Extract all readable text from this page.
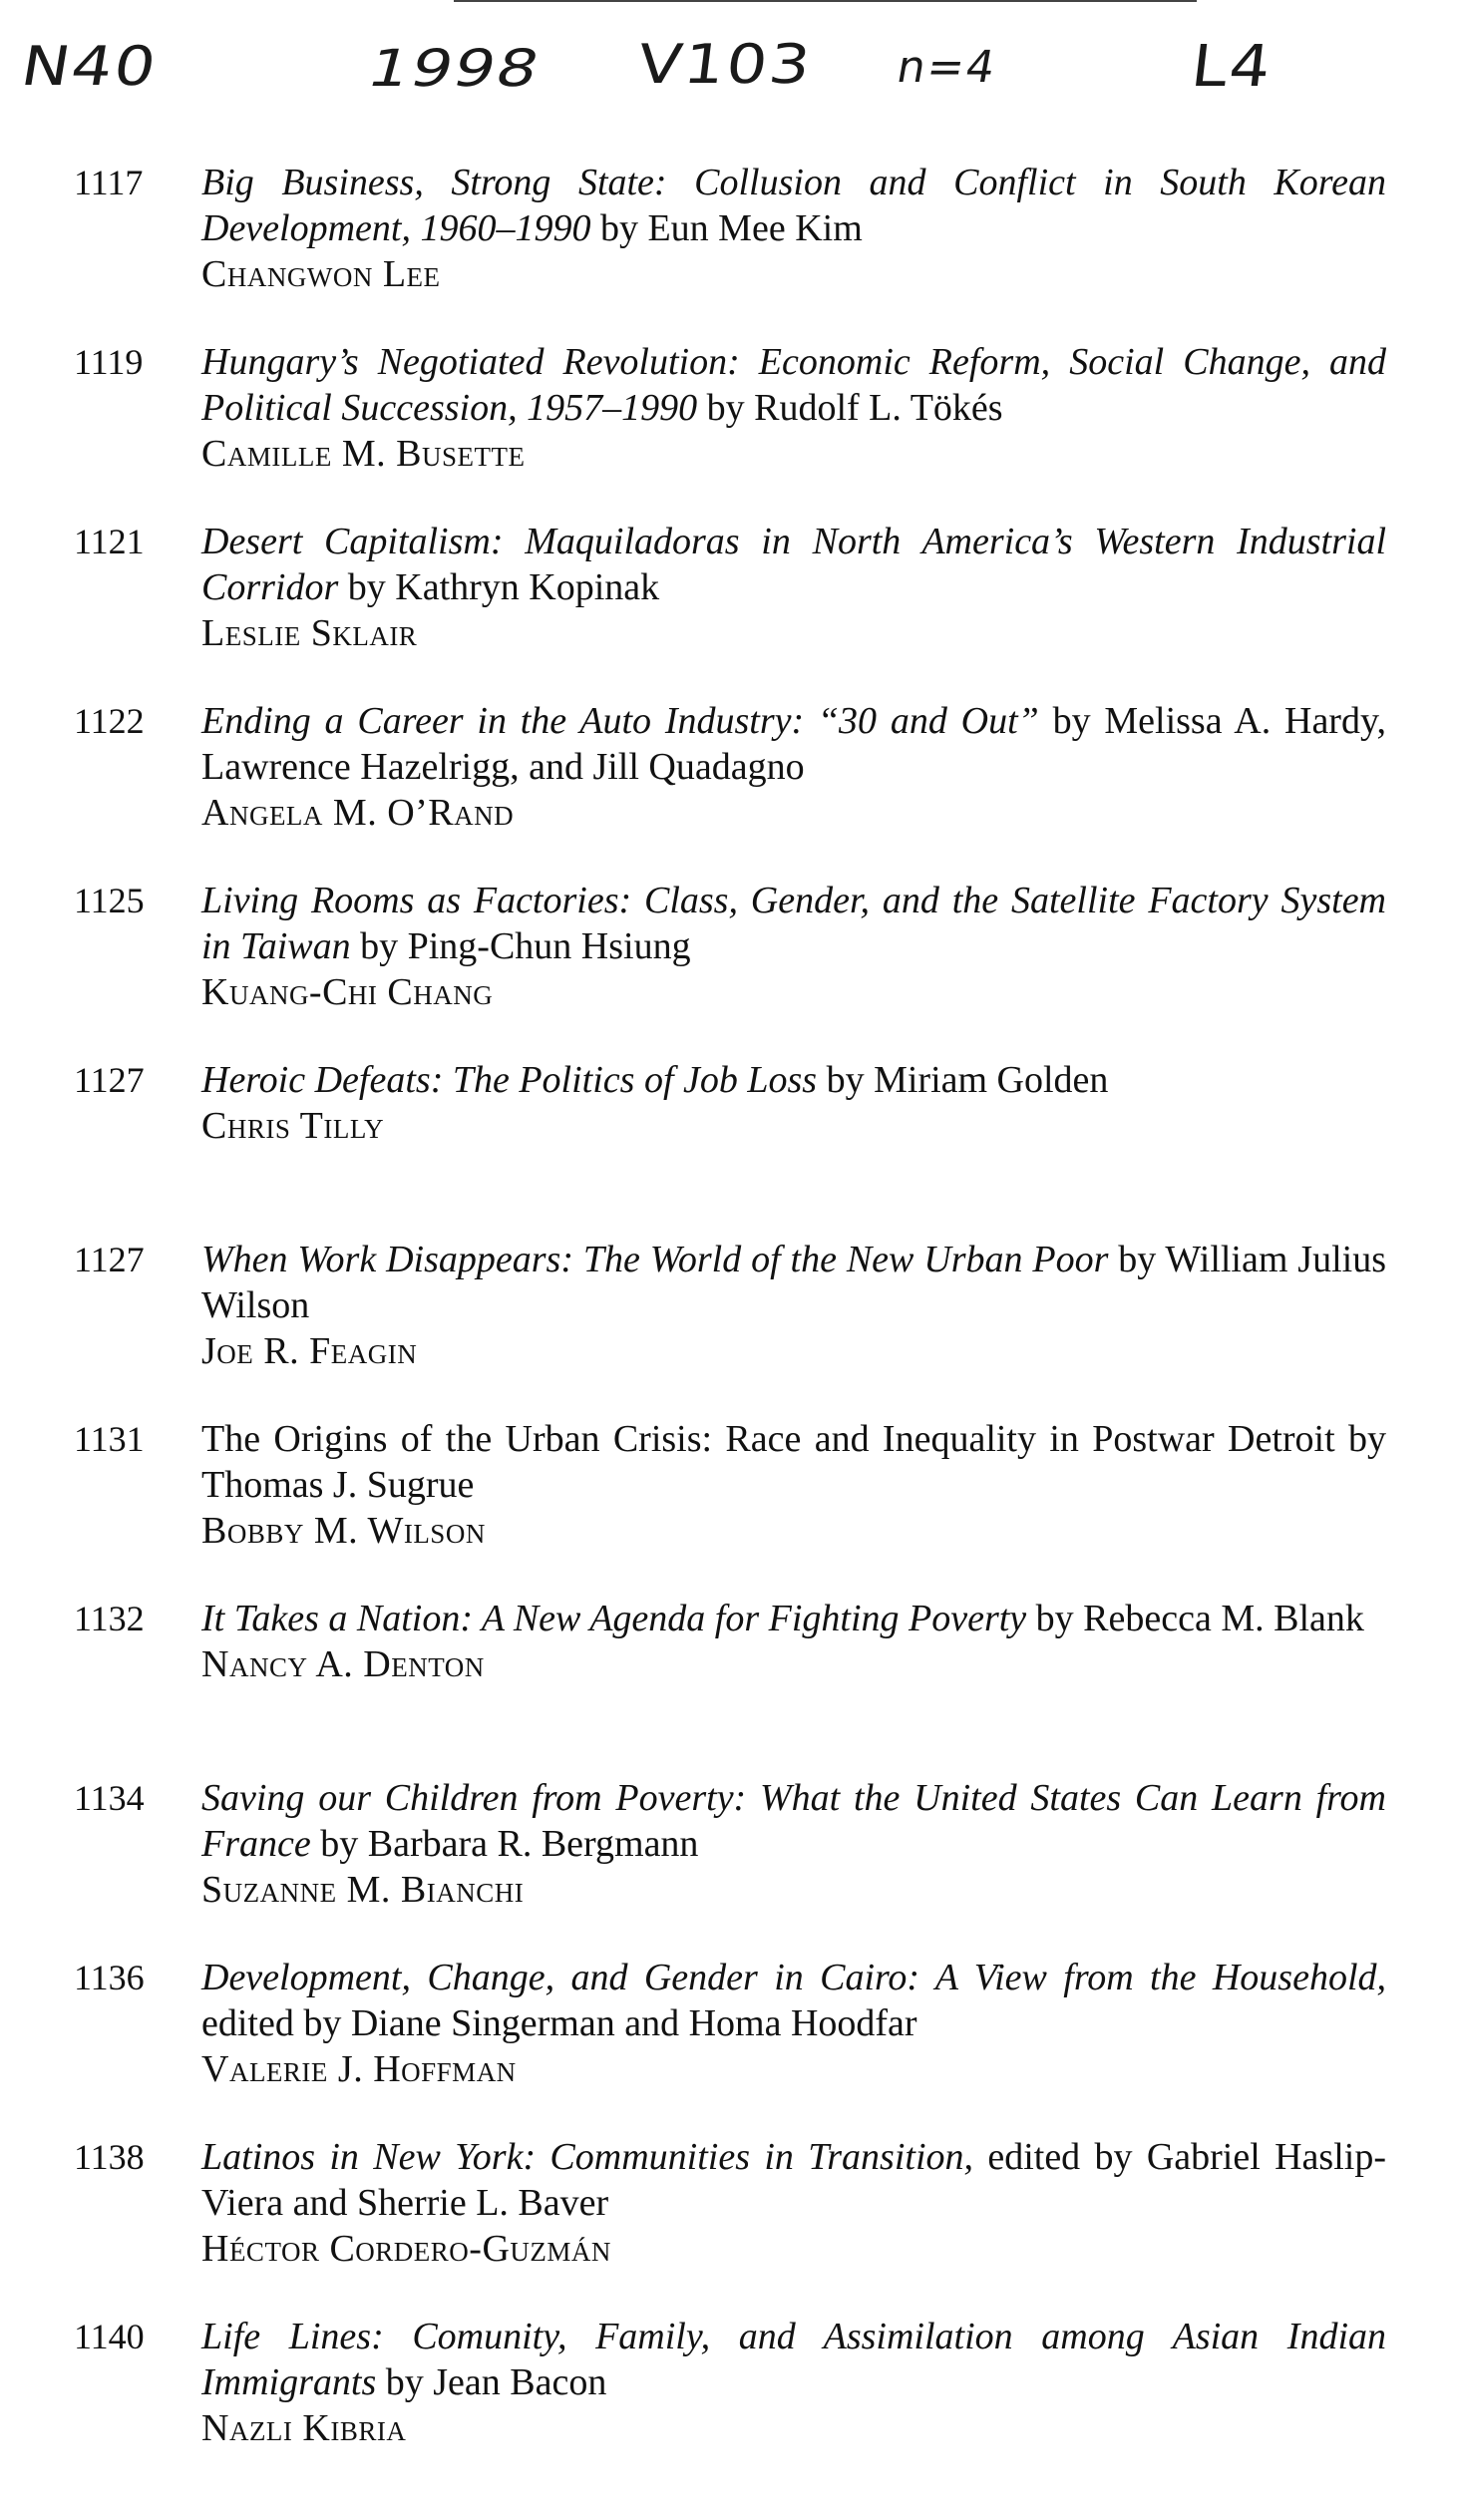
N40	1998 V103 n=4	L4
1117	Big Business, Strong State: Collusion and Conflict in South Korean Development, 1960–1990 by Eun Mee Kim
Changwon Lee
1119	Hungary’s Negotiated Revolution: Economic Reform, Social Change, and Political Succession, 1957–1990 by Rudolf L. Tökés
Camille M. Busette
1121	Desert Capitalism: Maquiladoras in North America’s Western Industrial Corridor by Kathryn Kopinak
Leslie Sklair
1122	Ending a Career in the Auto Industry: “30 and Out” by Melissa A. Hardy, Lawrence Hazelrigg, and Jill Quadagno
Angela M. O’Rand
1125	Living Rooms as Factories: Class, Gender, and the Satellite Factory System in Taiwan by Ping-Chun Hsiung
Kuang-Chi Chang
1127	Heroic Defeats: The Politics of Job Loss by Miriam Golden
Chris Tilly
1127	When Work Disappears: The World of the New Urban Poor by William Julius Wilson
Joe R. Feagin
1131	The Origins of the Urban Crisis: Race and Inequality in Postwar Detroit by Thomas J. Sugrue
Bobby M. Wilson
1132	It Takes a Nation: A New Agenda for Fighting Poverty by Rebecca M. Blank
Nancy A. Denton
1134	Saving our Children from Poverty: What the United States Can Learn from France by Barbara R. Bergmann
Suzanne M. Bianchi
1136	Development, Change, and Gender in Cairo: A View from the Household, edited by Diane Singerman and Homa Hoodfar
Valerie J. Hoffman
1138	Latinos in New York: Communities in Transition, edited by Gabriel Haslip-Viera and Sherrie L. Baver
Héctor Cordero-Guzmán
1140	Life Lines: Comunity, Family, and Assimilation among Asian Indian Immigrants by Jean Bacon
Nazli Kibria
